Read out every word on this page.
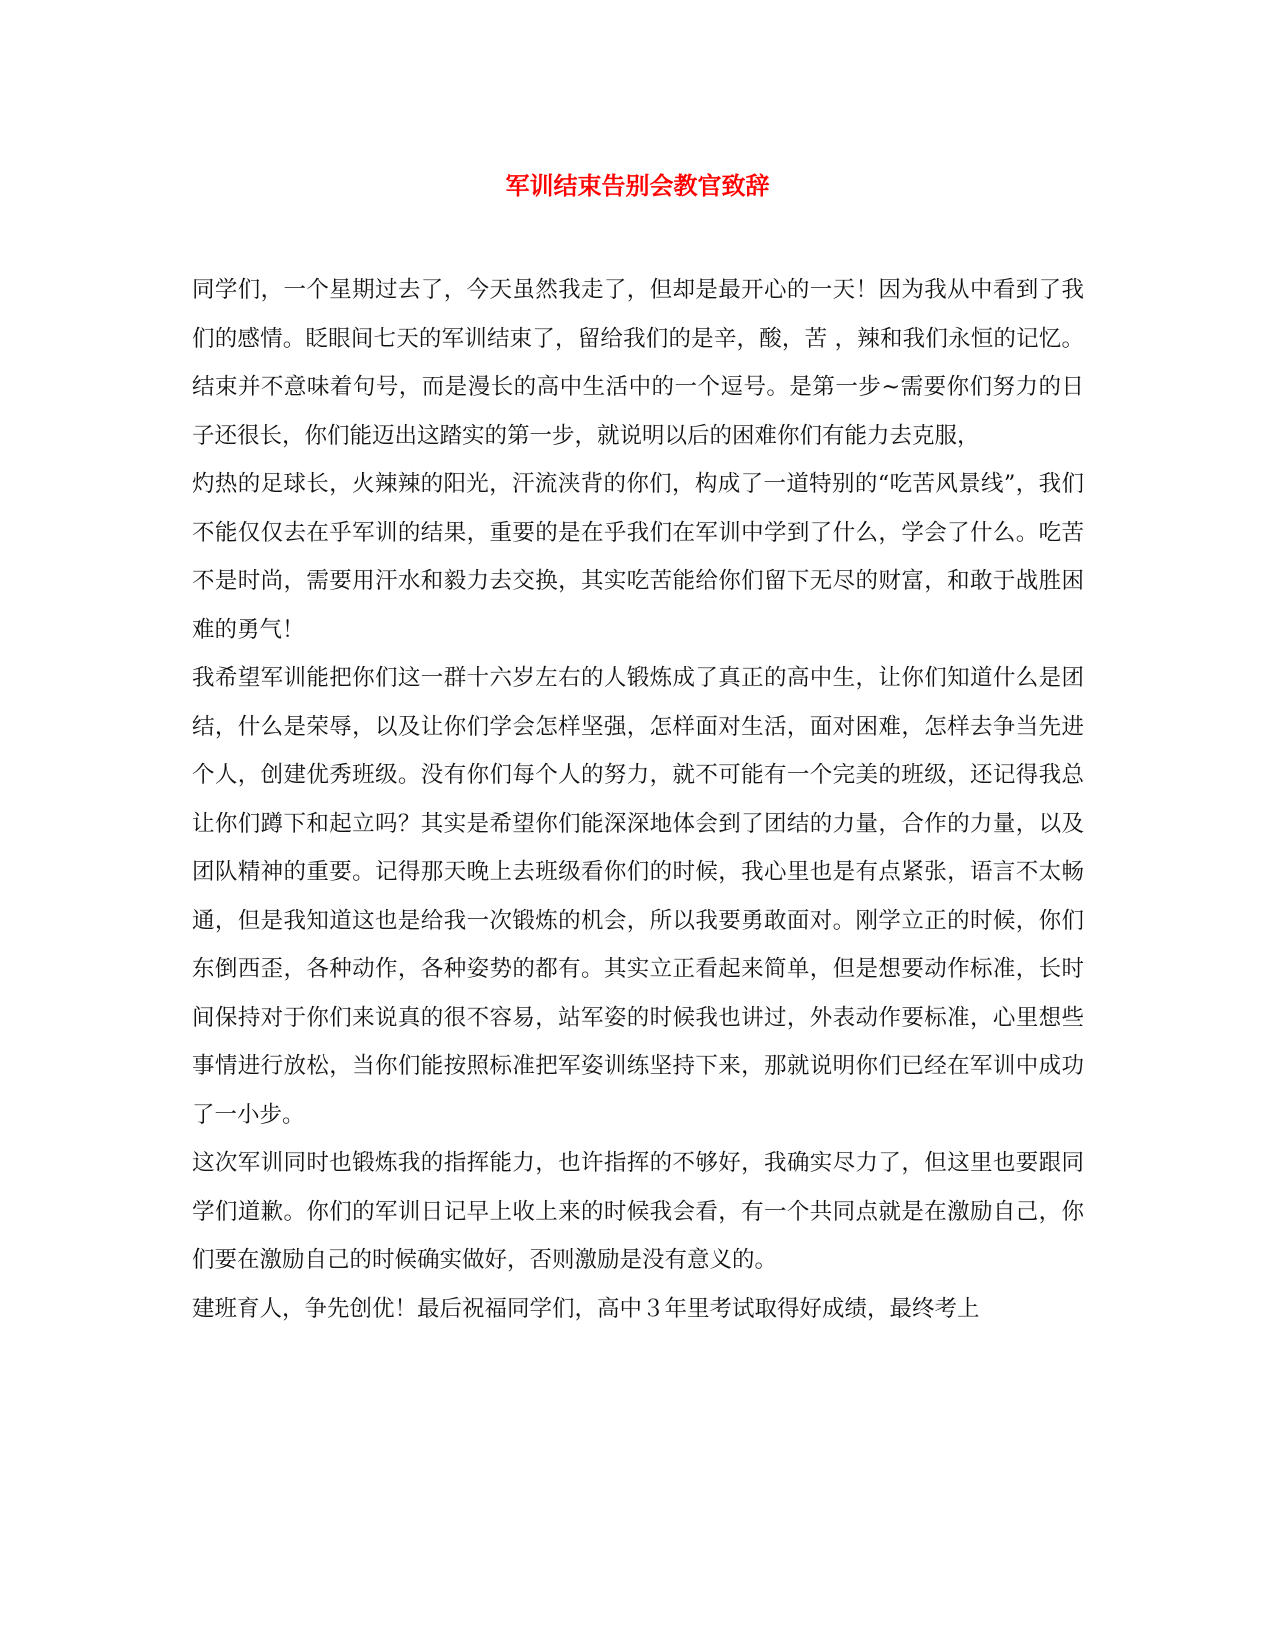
军训结束告别会教官致辞

同学们，一个星期过去了，今天虽然我走了，但却是最开心的一天！因为我从中看到了我们的感情。眨眼间七天的军训结束了，留给我们的是辛，酸，苦 ，辣和我们永恒的记忆。结束并不意味着句号，而是漫长的高中生活中的一个逗号。是第一步~需要你们努力的日子还很长，你们能迈出这踏实的第一步，就说明以后的困难你们有能力去克服，

灼热的足球长，火辣辣的阳光，汗流浃背的你们，构成了一道特别的“吃苦风景线”，我们不能仅仅去在乎军训的结果，重要的是在乎我们在军训中学到了什么，学会了什么。吃苦不是时尚，需要用汗水和毅力去交换，其实吃苦能给你们留下无尽的财富，和敢于战胜困难的勇气！

我希望军训能把你们这一群十六岁左右的人锻炼成了真正的高中生，让你们知道什么是团结，什么是荣辱，以及让你们学会怎样坚强，怎样面对生活，面对困难，怎样去争当先进个人，创建优秀班级。没有你们每个人的努力，就不可能有一个完美的班级，还记得我总让你们蹲下和起立吗？其实是希望你们能深深地体会到了团结的力量，合作的力量，以及团队精神的重要。记得那天晚上去班级看你们的时候，我心里也是有点紧张，语言不太畅通，但是我知道这也是给我一次锻炼的机会，所以我要勇敢面对。刚学立正的时候，你们东倒西歪，各种动作，各种姿势的都有。其实立正看起来简单，但是想要动作标准，长时间保持对于你们来说真的很不容易，站军姿的时候我也讲过，外表动作要标准，心里想些事情进行放松，当你们能按照标准把军姿训练坚持下来，那就说明你们已经在军训中成功了一小步。

这次军训同时也锻炼我的指挥能力，也许指挥的不够好，我确实尽力了，但这里也要跟同学们道歉。你们的军训日记早上收上来的时候我会看，有一个共同点就是在激励自己，你们要在激励自己的时候确实做好，否则激励是没有意义的。

建班育人，争先创优！最后祝福同学们，高中３年里考试取得好成绩，最终考上
